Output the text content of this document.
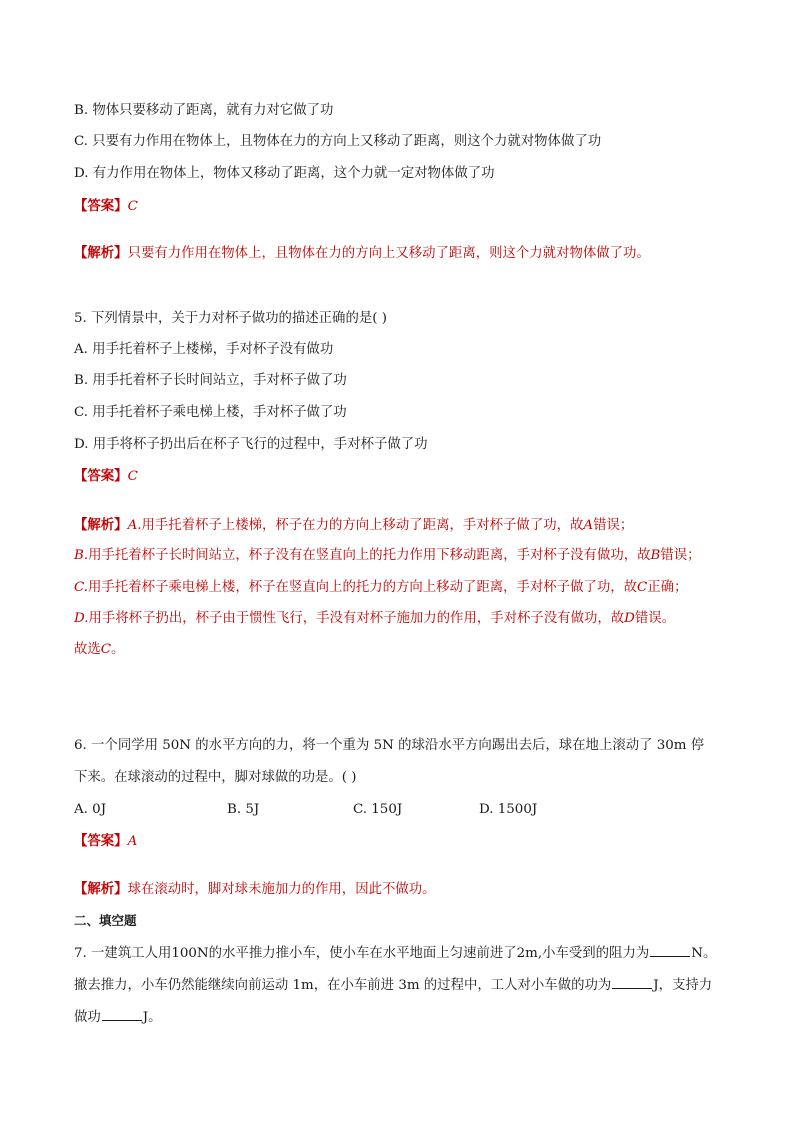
B. 物体只要移动了距离，就有力对它做了功
C. 只要有力作用在物体上，且物体在力的方向上又移动了距离，则这个力就对物体做了功
D. 有力作用在物体上，物体又移动了距离，这个力就一定对物体做了功
【答案】C
【解析】只要有力作用在物体上，且物体在力的方向上又移动了距离，则这个力就对物体做了功。
5. 下列情景中，关于力对杯子做功的描述正确的是( )
A. 用手托着杯子上楼梯，手对杯子没有做功
B. 用手托着杯子长时间站立，手对杯子做了功
C. 用手托着杯子乘电梯上楼，手对杯子做了功
D. 用手将杯子扔出后在杯子飞行的过程中，手对杯子做了功
【答案】C
【解析】A.用手托着杯子上楼梯，杯子在力的方向上移动了距离，手对杯子做了功，故A错误；
B.用手托着杯子长时间站立，杯子没有在竖直向上的托力作用下移动距离，手对杯子没有做功，故B错误；
C.用手托着杯子乘电梯上楼，杯子在竖直向上的托力的方向上移动了距离，手对杯子做了功，故C正确；
D.用手将杯子扔出，杯子由于惯性飞行，手没有对杯子施加力的作用，手对杯子没有做功，故D错误。
故选C。
6. 一个同学用 50N 的水平方向的力，将一个重为 5N 的球沿水平方向踢出去后，球在地上滚动了 30m 停
下来。在球滚动的过程中，脚对球做的功是。( )
A. 0J	B. 5J	C. 150J	D. 1500J
【答案】A
【解析】球在滚动时，脚对球未施加力的作用，因此不做功。
二、填空题
7. 一建筑工人用100N的水平推力推小车，使小车在水平地面上匀速前进了2m,小车受到的阻力为	N。
撤去推力，小车仍然能继续向前运动 1m，在小车前进 3m 的过程中，工人对小车做的功为	J，支持力
做功	J。
